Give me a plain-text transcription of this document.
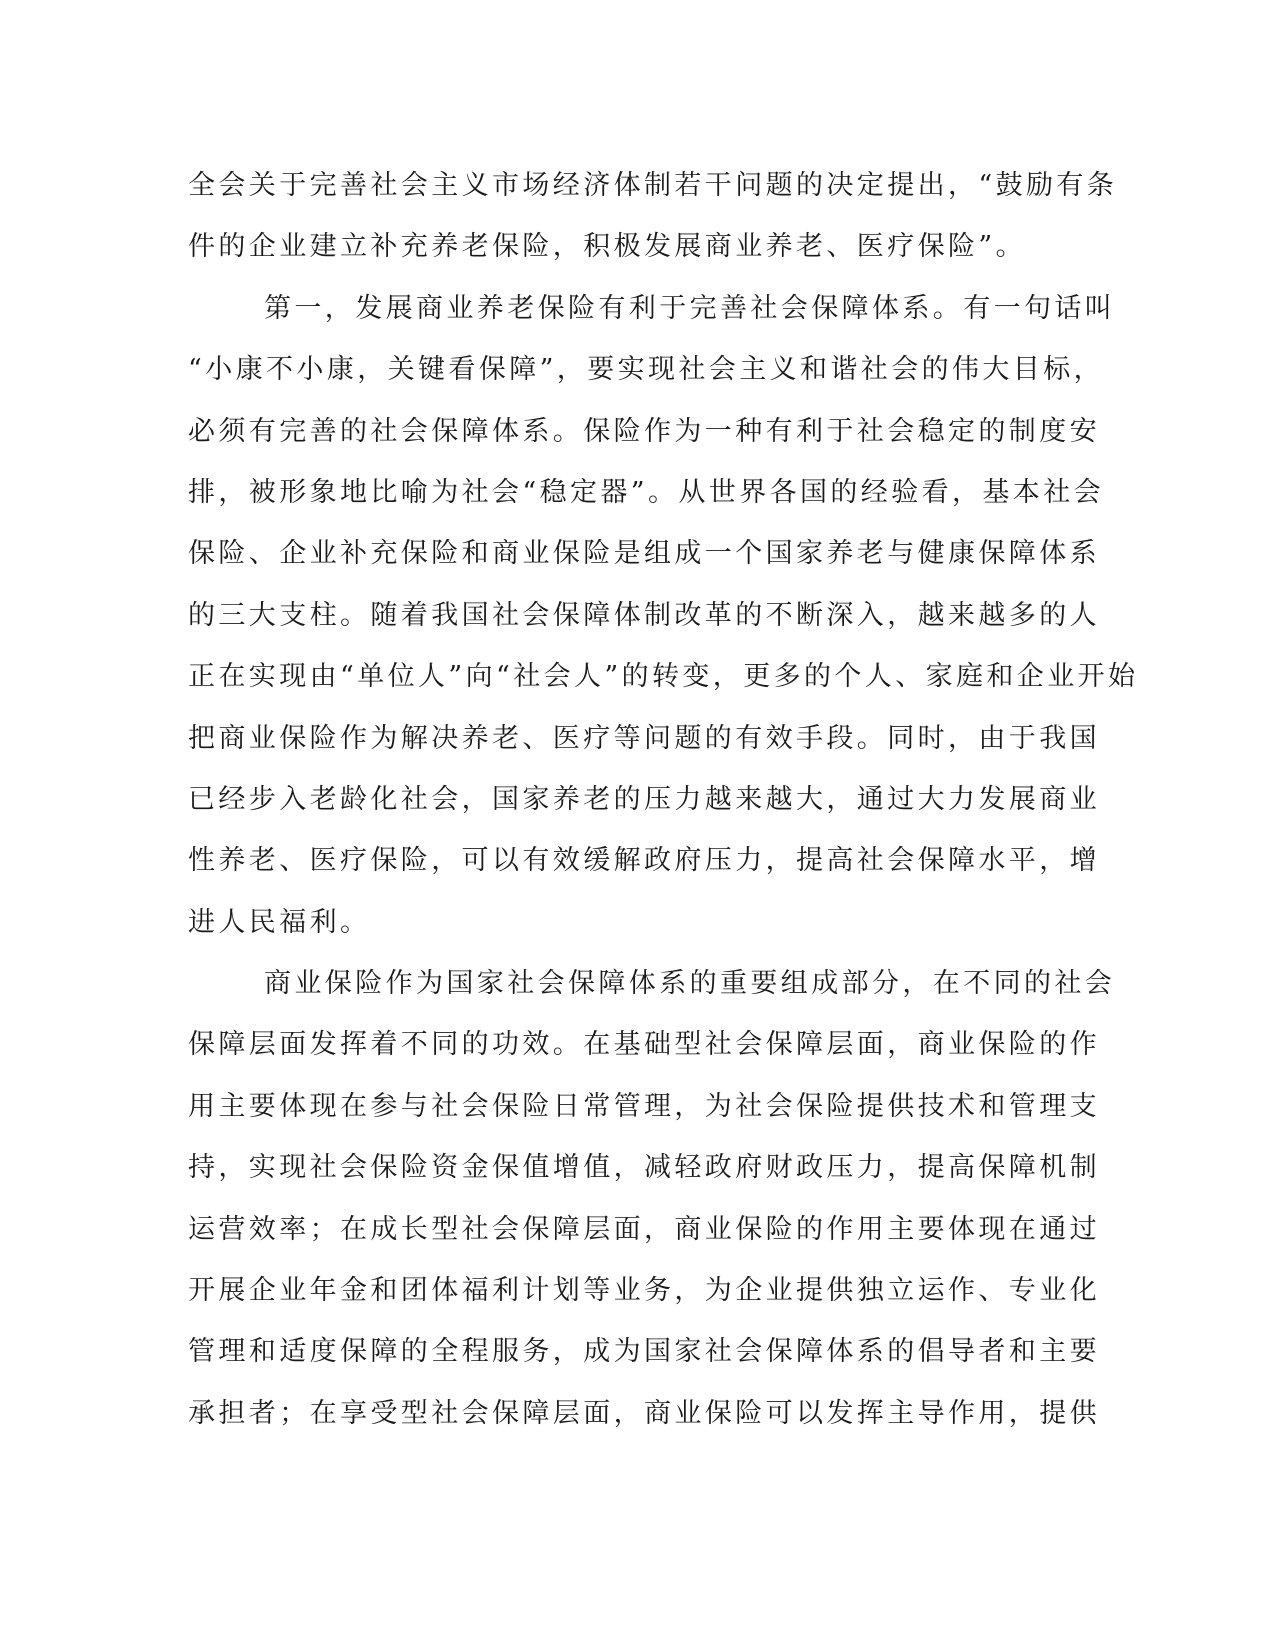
全会关于完善社会主义市场经济体制若干问题的决定提出，“鼓励有条
件的企业建立补充养老保险，积极发展商业养老、医疗保险”。
第一，发展商业养老保险有利于完善社会保障体系。有一句话叫
“小康不小康，关键看保障”，要实现社会主义和谐社会的伟大目标，
必须有完善的社会保障体系。保险作为一种有利于社会稳定的制度安
排，被形象地比喻为社会“稳定器”。从世界各国的经验看，基本社会
保险、企业补充保险和商业保险是组成一个国家养老与健康保障体系
的三大支柱。随着我国社会保障体制改革的不断深入，越来越多的人
正在实现由“单位人”向“社会人”的转变，更多的个人、家庭和企业开始
把商业保险作为解决养老、医疗等问题的有效手段。同时，由于我国
已经步入老龄化社会，国家养老的压力越来越大，通过大力发展商业
性养老、医疗保险，可以有效缓解政府压力，提高社会保障水平，增
进人民福利。
商业保险作为国家社会保障体系的重要组成部分，在不同的社会
保障层面发挥着不同的功效。在基础型社会保障层面，商业保险的作
用主要体现在参与社会保险日常管理，为社会保险提供技术和管理支
持，实现社会保险资金保值增值，减轻政府财政压力，提高保障机制
运营效率；在成长型社会保障层面，商业保险的作用主要体现在通过
开展企业年金和团体福利计划等业务，为企业提供独立运作、专业化
管理和适度保障的全程服务，成为国家社会保障体系的倡导者和主要
承担者；在享受型社会保障层面，商业保险可以发挥主导作用，提供
